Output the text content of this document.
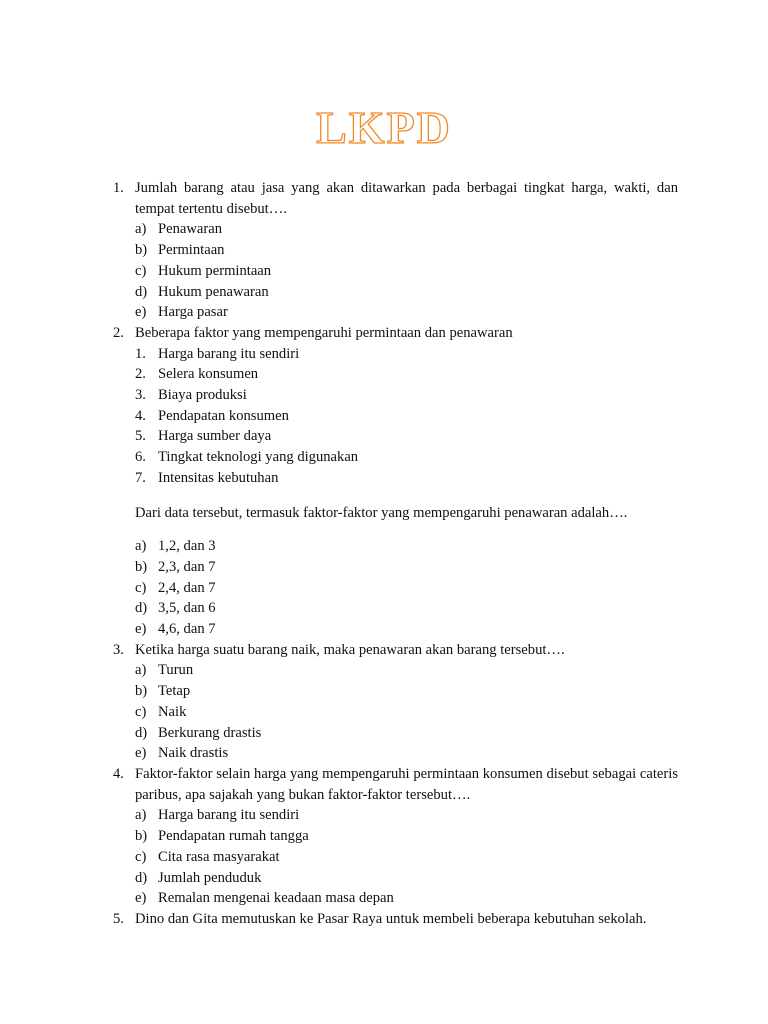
LKPD
1. Jumlah barang atau jasa yang akan ditawarkan pada berbagai tingkat harga, wakti, dan tempat tertentu disebut….
a) Penawaran
b) Permintaan
c) Hukum permintaan
d) Hukum penawaran
e) Harga pasar
2. Beberapa faktor yang mempengaruhi permintaan dan penawaran
1. Harga barang itu sendiri
2. Selera konsumen
3. Biaya produksi
4. Pendapatan konsumen
5. Harga sumber daya
6. Tingkat teknologi yang digunakan
7. Intensitas kebutuhan
Dari data tersebut, termasuk faktor-faktor yang mempengaruhi penawaran adalah….
a) 1,2, dan 3
b) 2,3, dan 7
c) 2,4, dan 7
d) 3,5, dan 6
e) 4,6, dan 7
3. Ketika harga suatu barang naik, maka penawaran akan barang tersebut….
a) Turun
b) Tetap
c) Naik
d) Berkurang drastis
e) Naik drastis
4. Faktor-faktor selain harga yang mempengaruhi permintaan konsumen disebut sebagai cateris paribus, apa sajakah yang bukan faktor-faktor tersebut….
a) Harga barang itu sendiri
b) Pendapatan rumah tangga
c) Cita rasa masyarakat
d) Jumlah penduduk
e) Remalan mengenai keadaan masa depan
5. Dino dan Gita memutuskan ke Pasar Raya untuk membeli beberapa kebutuhan sekolah.
